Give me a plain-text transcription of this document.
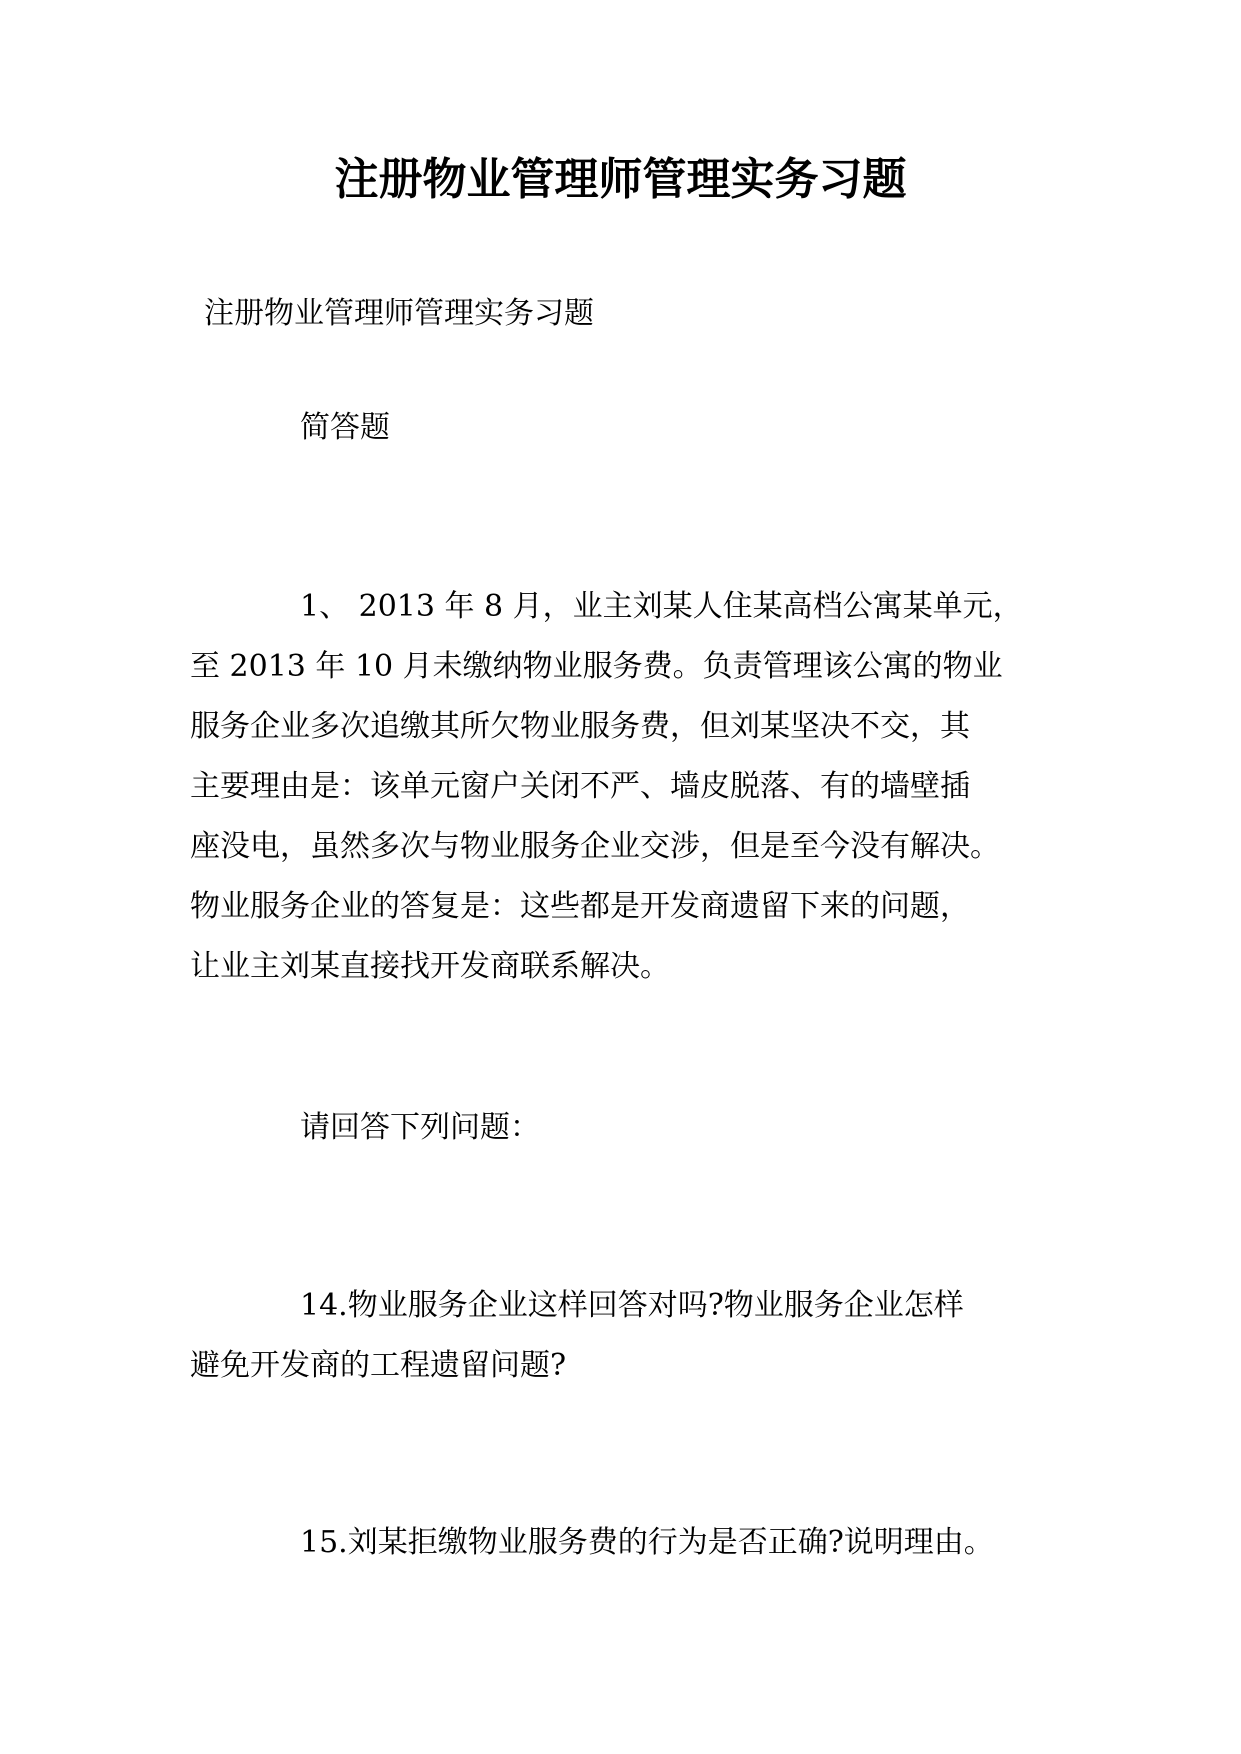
注册物业管理师管理实务习题

注册物业管理师管理实务习题

简答题

1、 2013 年 8 月，业主刘某人住某高档公寓某单元，

至 2013 年 10 月未缴纳物业服务费。负责管理该公寓的物业

服务企业多次追缴其所欠物业服务费，但刘某坚决不交，其

主要理由是：该单元窗户关闭不严、墙皮脱落、有的墙壁插

座没电，虽然多次与物业服务企业交涉，但是至今没有解决。

物业服务企业的答复是：这些都是开发商遗留下来的问题，

让业主刘某直接找开发商联系解决。

请回答下列问题：

14.物业服务企业这样回答对吗?物业服务企业怎样

避免开发商的工程遗留问题?

15.刘某拒缴物业服务费的行为是否正确?说明理由。
